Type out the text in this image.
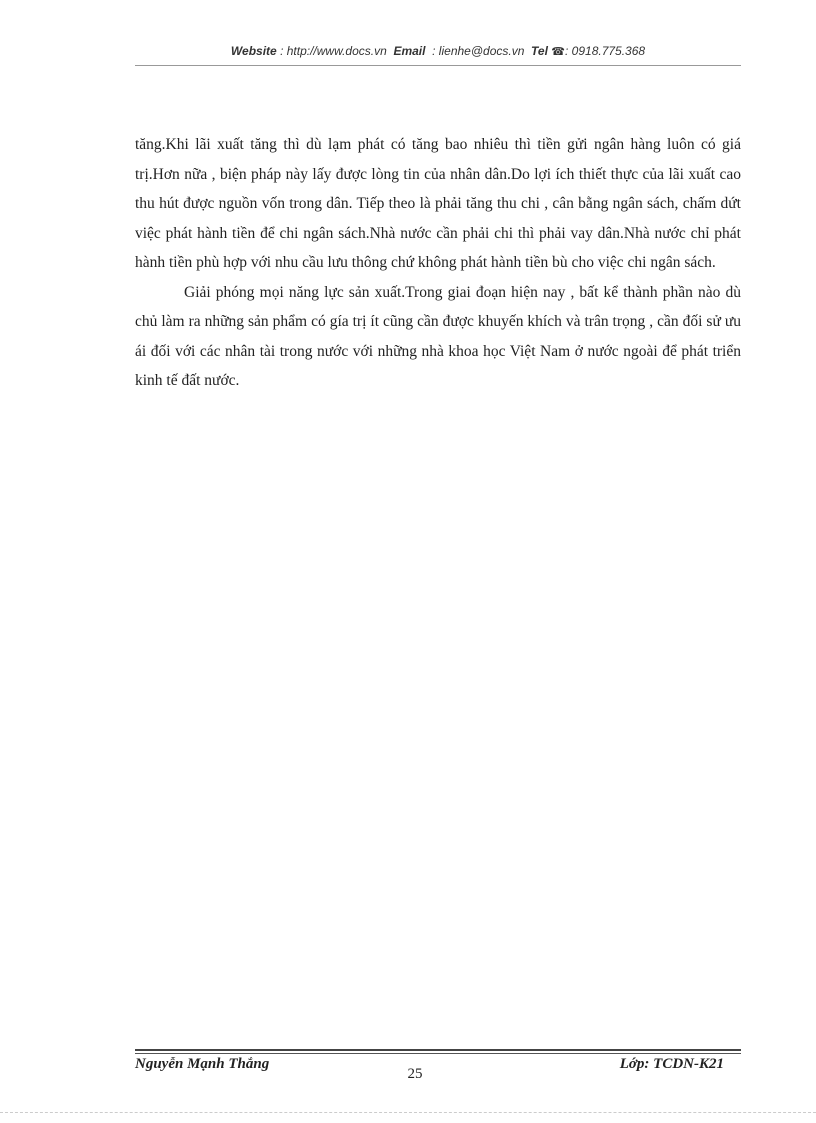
Website : http://www.docs.vn Email : lienhe@docs.vn Tel ☎: 0918.775.368

tăng.Khi lãi xuất tăng thì dù lạm phát có tăng bao nhiêu thì tiền gửi ngân hàng luôn có giá trị.Hơn nữa , biện pháp này lấy được lòng tin của nhân dân.Do lợi ích thiết thực của lãi xuất cao thu hút được nguồn vốn trong dân. Tiếp theo là phải tăng thu chi , cân bằng ngân sách, chấm dứt việc phát hành tiền để chi ngân sách.Nhà nước cần phải chi thì phải vay dân.Nhà nước chỉ phát hành tiền phù hợp với nhu cầu lưu thông chứ không phát hành tiền bù cho việc chi ngân sách.

Giải phóng mọi năng lực sản xuất.Trong giai đoạn hiện nay , bất kể thành phần nào dù chủ làm ra những sản phẩm có gía trị ít cũng cần được khuyến khích và trân trọng , cần đối sử ưu ái đối với các nhân tài trong nước với những nhà khoa học Việt Nam ở nước ngoài để phát triển kinh tế đất nước.

Nguyễn Mạnh Thắng
25
Lớp: TCDN-K21
